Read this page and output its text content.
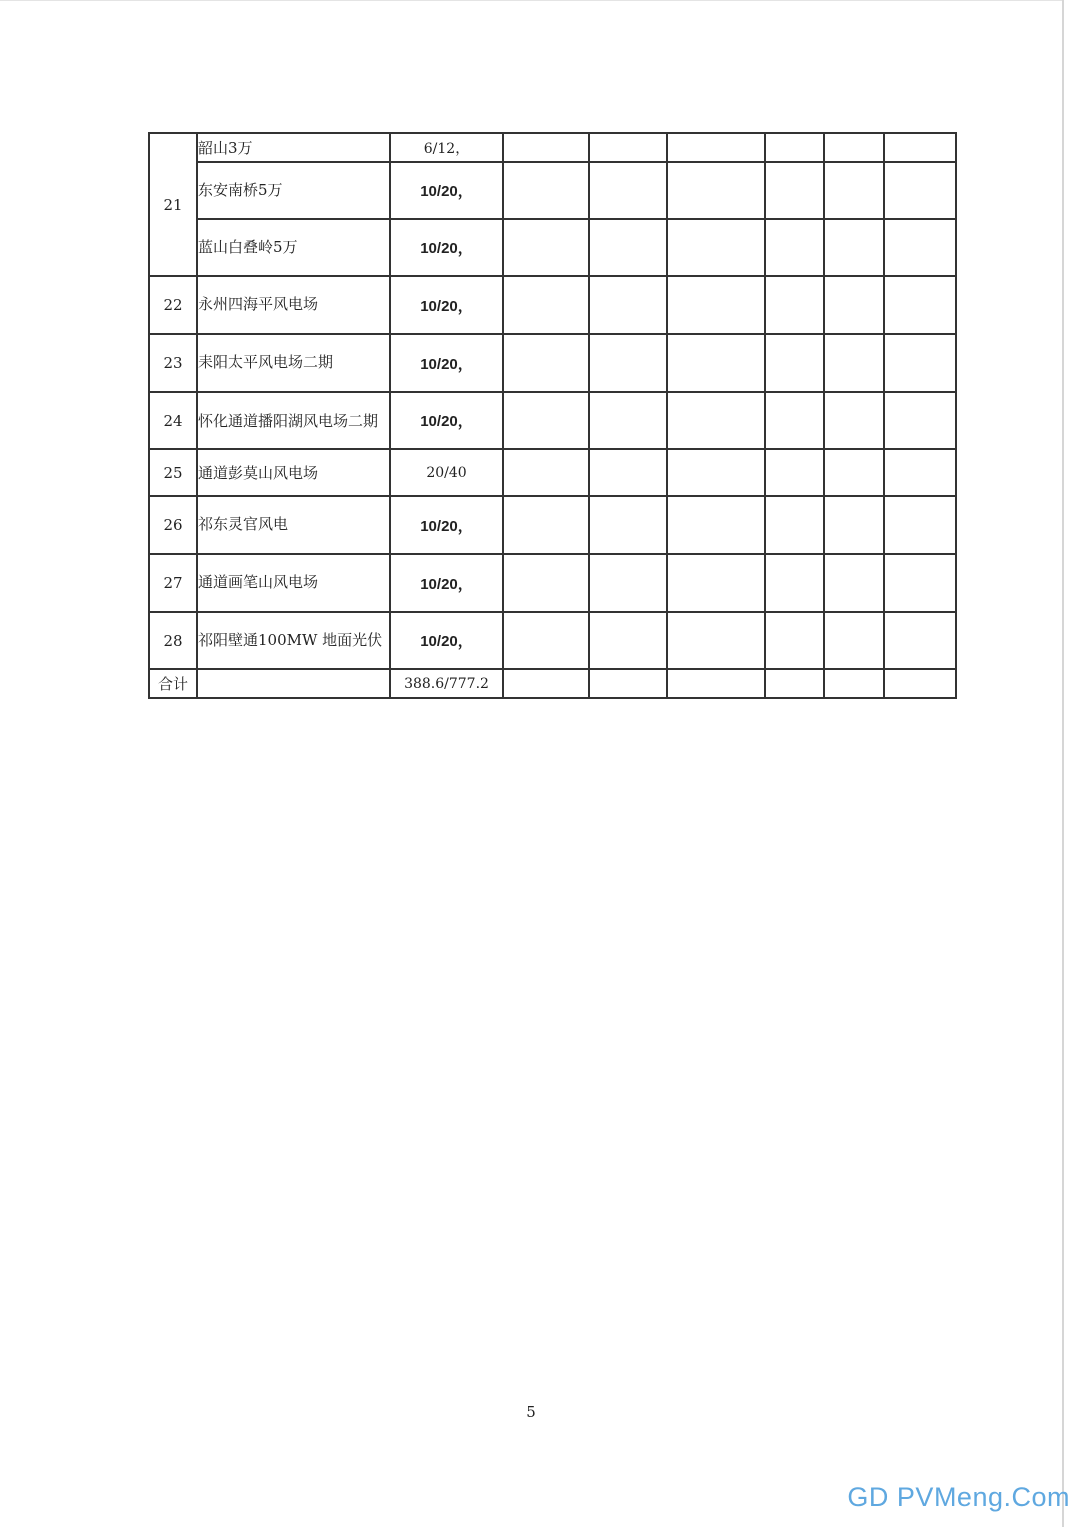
21	韶山3万	6/12，						
	东安南桥5万	10/20，						
	蓝山白叠岭5万	10/20，						
22	永州四海平风电场	10/20，						
23	耒阳太平风电场二期	10/20，						
24	怀化通道播阳湖风电场二期	10/20，						
25	通道彭莫山风电场	20/40						
26	祁东灵官风电	10/20，						
27	通道画笔山风电场	10/20，						
28	祁阳壁通100MW 地面光伏	10/20，						
合计		388.6/777.2						
5
GD PVMeng.Com
